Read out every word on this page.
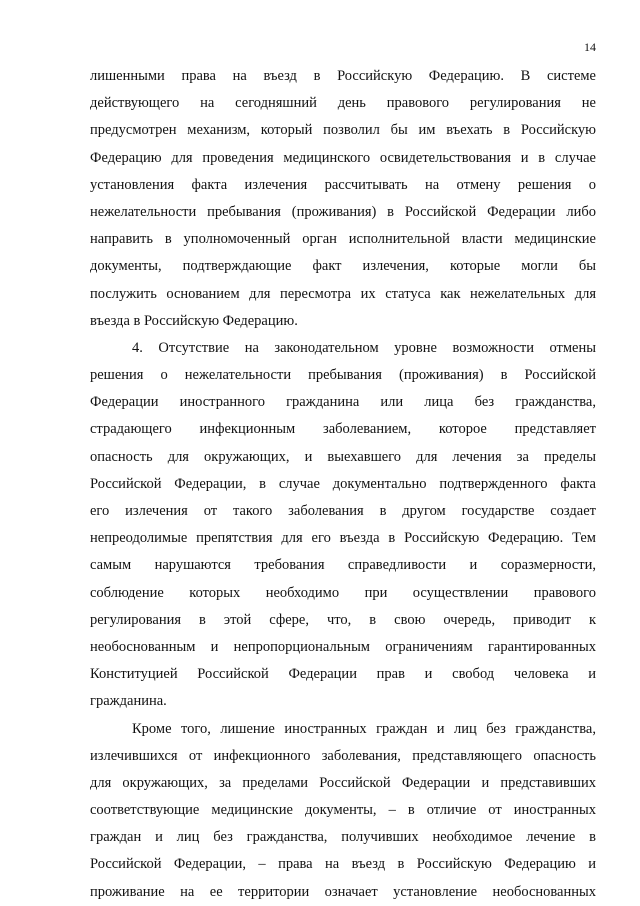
14
лишенными права на въезд в Российскую Федерацию. В системе
действующего на сегодняшний день правового регулирования не
предусмотрен механизм, который позволил бы им въехать в Российскую
Федерацию для проведения медицинского освидетельствования и в случае
установления факта излечения рассчитывать на отмену решения о
нежелательности пребывания (проживания) в Российской Федерации либо
направить в уполномоченный орган исполнительной власти медицинские
документы, подтверждающие факт излечения, которые могли бы
послужить основанием для пересмотра их статуса как нежелательных для
въезда в Российскую Федерацию.
4. Отсутствие на законодательном уровне возможности отмены
решения о нежелательности пребывания (проживания) в Российской
Федерации иностранного гражданина или лица без гражданства,
страдающего инфекционным заболеванием, которое представляет
опасность для окружающих, и выехавшего для лечения за пределы
Российской Федерации, в случае документально подтвержденного факта
его излечения от такого заболевания в другом государстве создает
непреодолимые препятствия для его въезда в Российскую Федерацию. Тем
самым нарушаются требования справедливости и соразмерности,
соблюдение которых необходимо при осуществлении правового
регулирования в этой сфере, что, в свою очередь, приводит к
необоснованным и непропорциональным ограничениям гарантированных
Конституцией Российской Федерации прав и свобод человека и
гражданина.
Кроме того, лишение иностранных граждан и лиц без гражданства,
излечившихся от инфекционного заболевания, представляющего опасность
для окружающих, за пределами Российской Федерации и представивших
соответствующие медицинские документы, – в отличие от иностранных
граждан и лиц без гражданства, получивших необходимое лечение в
Российской Федерации, – права на въезд в Российскую Федерацию и
проживание на ее территории означает установление необоснованных
